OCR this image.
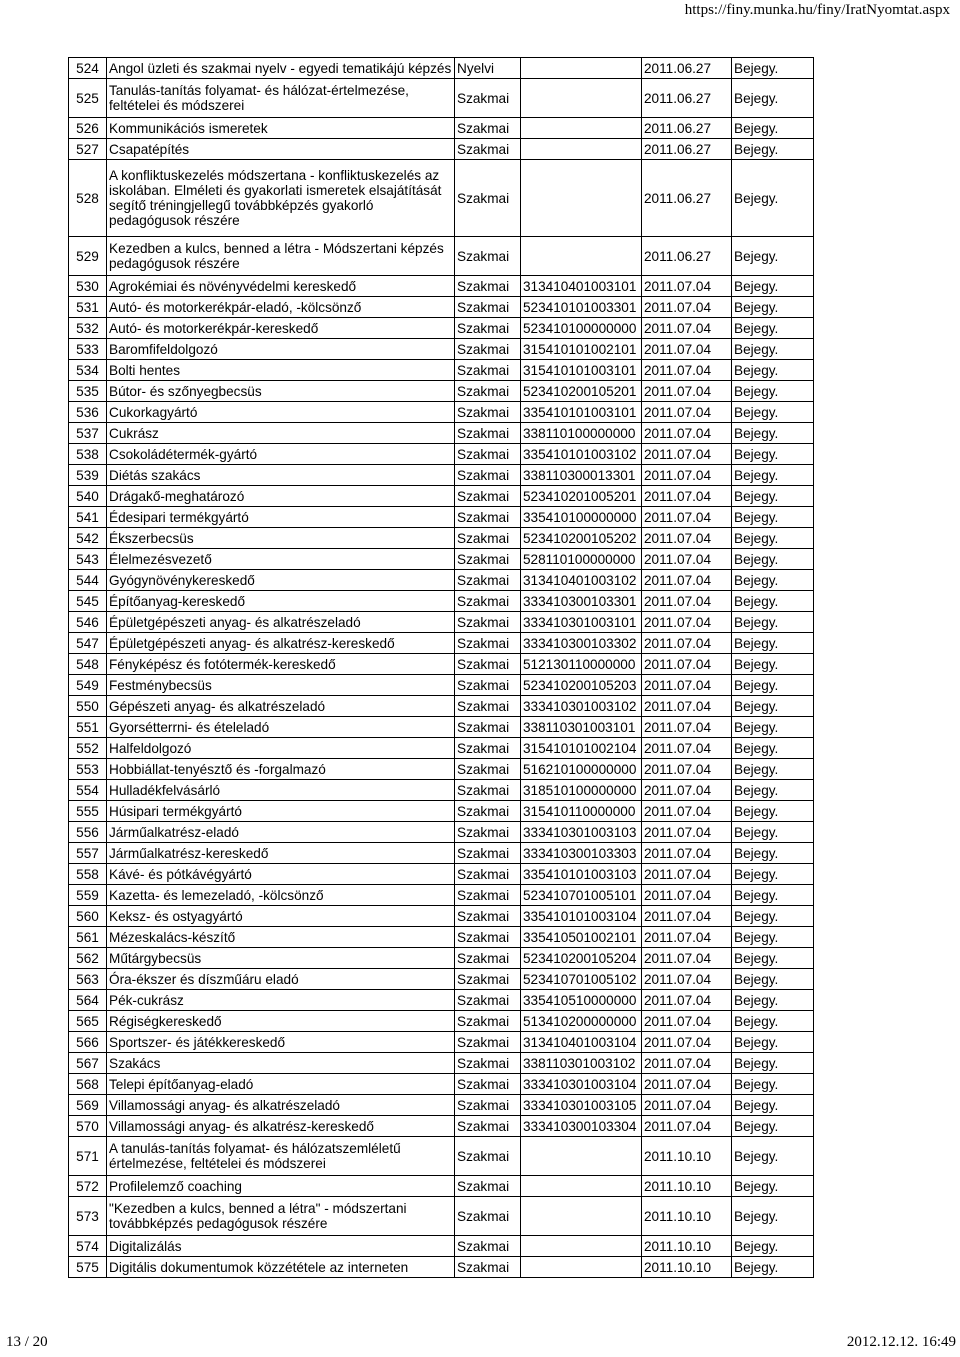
https://finy.munka.hu/finy/IratNyomtat.aspx
524	Angol üzleti és szakmai nyelv - egyedi tematikájú képzés	Nyelvi		2011.06.27	Bejegy.	
525	Tanulás-tanítás folyamat- és hálózat-értelmezése, feltételei és módszerei	Szakmai		2011.06.27	Bejegy.	
526	Kommunikációs ismeretek	Szakmai		2011.06.27	Bejegy.	
527	Csapatépítés	Szakmai		2011.06.27	Bejegy.	
528	A konfliktuskezelés módszertana - konfliktuskezelés az iskolában. Elméleti és gyakorlati ismeretek elsajátítását segítő tréningjellegű továbbképzés gyakorló pedagógusok részére	Szakmai		2011.06.27	Bejegy.	
529	Kezedben a kulcs, benned a létra - Módszertani képzés pedagógusok részére	Szakmai		2011.06.27	Bejegy.	
530	Agrokémiai és növényvédelmi kereskedő	Szakmai	313410401003101	2011.07.04	Bejegy.	
531	Autó- és motorkerékpár-eladó, -kölcsönző	Szakmai	523410101003301	2011.07.04	Bejegy.	
532	Autó- és motorkerékpár-kereskedő	Szakmai	523410100000000	2011.07.04	Bejegy.	
533	Baromfifeldolgozó	Szakmai	315410101002101	2011.07.04	Bejegy.	
534	Bolti hentes	Szakmai	315410101003101	2011.07.04	Bejegy.	
535	Bútor- és szőnyegbecsüs	Szakmai	523410200105201	2011.07.04	Bejegy.	
536	Cukorkagyártó	Szakmai	335410101003101	2011.07.04	Bejegy.	
537	Cukrász	Szakmai	338110100000000	2011.07.04	Bejegy.	
538	Csokoládétermék-gyártó	Szakmai	335410101003102	2011.07.04	Bejegy.	
539	Diétás szakács	Szakmai	338110300013301	2011.07.04	Bejegy.	
540	Drágakő-meghatározó	Szakmai	523410201005201	2011.07.04	Bejegy.	
541	Édesipari termékgyártó	Szakmai	335410100000000	2011.07.04	Bejegy.	
542	Ékszerbecsüs	Szakmai	523410200105202	2011.07.04	Bejegy.	
543	Élelmezésvezető	Szakmai	528110100000000	2011.07.04	Bejegy.	
544	Gyógynövénykereskedő	Szakmai	313410401003102	2011.07.04	Bejegy.	
545	Építőanyag-kereskedő	Szakmai	333410300103301	2011.07.04	Bejegy.	
546	Épületgépészeti anyag- és alkatrészeladó	Szakmai	333410301003101	2011.07.04	Bejegy.	
547	Épületgépészeti anyag- és alkatrész-kereskedő	Szakmai	333410300103302	2011.07.04	Bejegy.	
548	Fényképész és fotótermék-kereskedő	Szakmai	512130110000000	2011.07.04	Bejegy.	
549	Festménybecsüs	Szakmai	523410200105203	2011.07.04	Bejegy.	
550	Gépészeti anyag- és alkatrészeladó	Szakmai	333410301003102	2011.07.04	Bejegy.	
551	Gyorsétterrni- és ételeladó	Szakmai	338110301003101	2011.07.04	Bejegy.	
552	Halfeldolgozó	Szakmai	315410101002104	2011.07.04	Bejegy.	
553	Hobbiállat-tenyésztő és -forgalmazó	Szakmai	516210100000000	2011.07.04	Bejegy.	
554	Hulladékfelvásárló	Szakmai	318510100000000	2011.07.04	Bejegy.	
555	Húsipari termékgyártó	Szakmai	315410110000000	2011.07.04	Bejegy.	
556	Járműalkatrész-eladó	Szakmai	333410301003103	2011.07.04	Bejegy.	
557	Járműalkatrész-kereskedő	Szakmai	333410300103303	2011.07.04	Bejegy.	
558	Kávé- és pótkávégyártó	Szakmai	335410101003103	2011.07.04	Bejegy.	
559	Kazetta- és lemezeladó, -kölcsönző	Szakmai	523410701005101	2011.07.04	Bejegy.	
560	Keksz- és ostyagyártó	Szakmai	335410101003104	2011.07.04	Bejegy.	
561	Mézeskalács-készítő	Szakmai	335410501002101	2011.07.04	Bejegy.	
562	Műtárgybecsüs	Szakmai	523410200105204	2011.07.04	Bejegy.	
563	Óra-ékszer és díszműáru eladó	Szakmai	523410701005102	2011.07.04	Bejegy.	
564	Pék-cukrász	Szakmai	335410510000000	2011.07.04	Bejegy.	
565	Régiségkereskedő	Szakmai	513410200000000	2011.07.04	Bejegy.	
566	Sportszer- és játékkereskedő	Szakmai	313410401003104	2011.07.04	Bejegy.	
567	Szakács	Szakmai	338110301003102	2011.07.04	Bejegy.	
568	Telepi építőanyag-eladó	Szakmai	333410301003104	2011.07.04	Bejegy.	
569	Villamossági anyag- és alkatrészeladó	Szakmai	333410301003105	2011.07.04	Bejegy.	
570	Villamossági anyag- és alkatrész-kereskedő	Szakmai	333410300103304	2011.07.04	Bejegy.	
571	A tanulás-tanítás folyamat- és hálózatszemléletű értelmezése, feltételei és módszerei	Szakmai		2011.10.10	Bejegy.	
572	Profilelemző coaching	Szakmai		2011.10.10	Bejegy.	
573	"Kezedben a kulcs, benned a létra" - módszertani továbbképzés pedagógusok részére	Szakmai		2011.10.10	Bejegy.	
574	Digitalizálás	Szakmai		2011.10.10	Bejegy.	
575	Digitális dokumentumok közzététele az interneten	Szakmai		2011.10.10	Bejegy.	
13 / 20	2012.12.12. 16:49
